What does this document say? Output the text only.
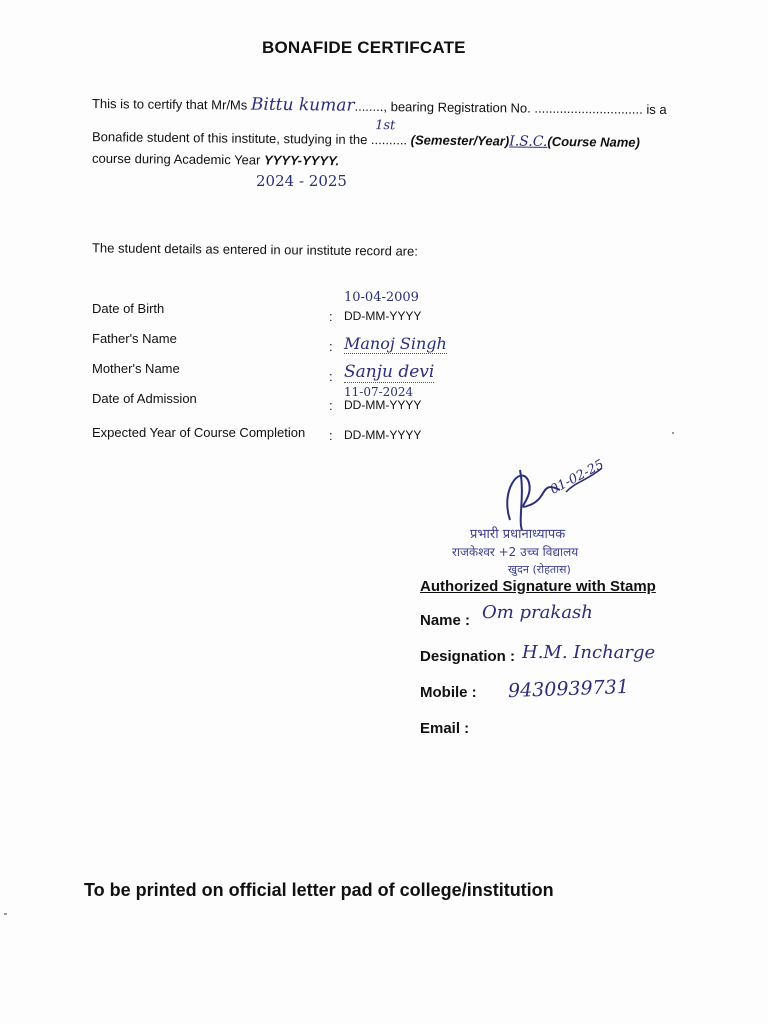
BONAFIDE CERTIFCATE
This is to certify that Mr/Ms Bittu kumar........, bearing Registration No. .............................. is a
Bonafide student of this institute, studying in the
1st
.......... (Semester/Year)I.S.C.(Course Name)
course during Academic Year YYYY-YYYY.
2024 - 2025
The student details as entered in our institute record are:
Date of Birth
10-04-2009
: DD-MM-YYYY
Father's Name
: Manoj Singh
Mother's Name
: Sanju devi
Date of Admission	11-07-2024
: DD-MM-YYYY
Expected Year of Course Completion : DD-MM-YYYY
01-02-25
प्रभारी प्रधानाध्यापक
राजकेश्वर +2 उच्च विद्यालय
खुदन (रोहतास)
Authorized Signature with Stamp
Name : Om prakash
Designation : H.M. Incharge
Mobile : 9430939731
Email :
To be printed on official letter pad of college/institution
